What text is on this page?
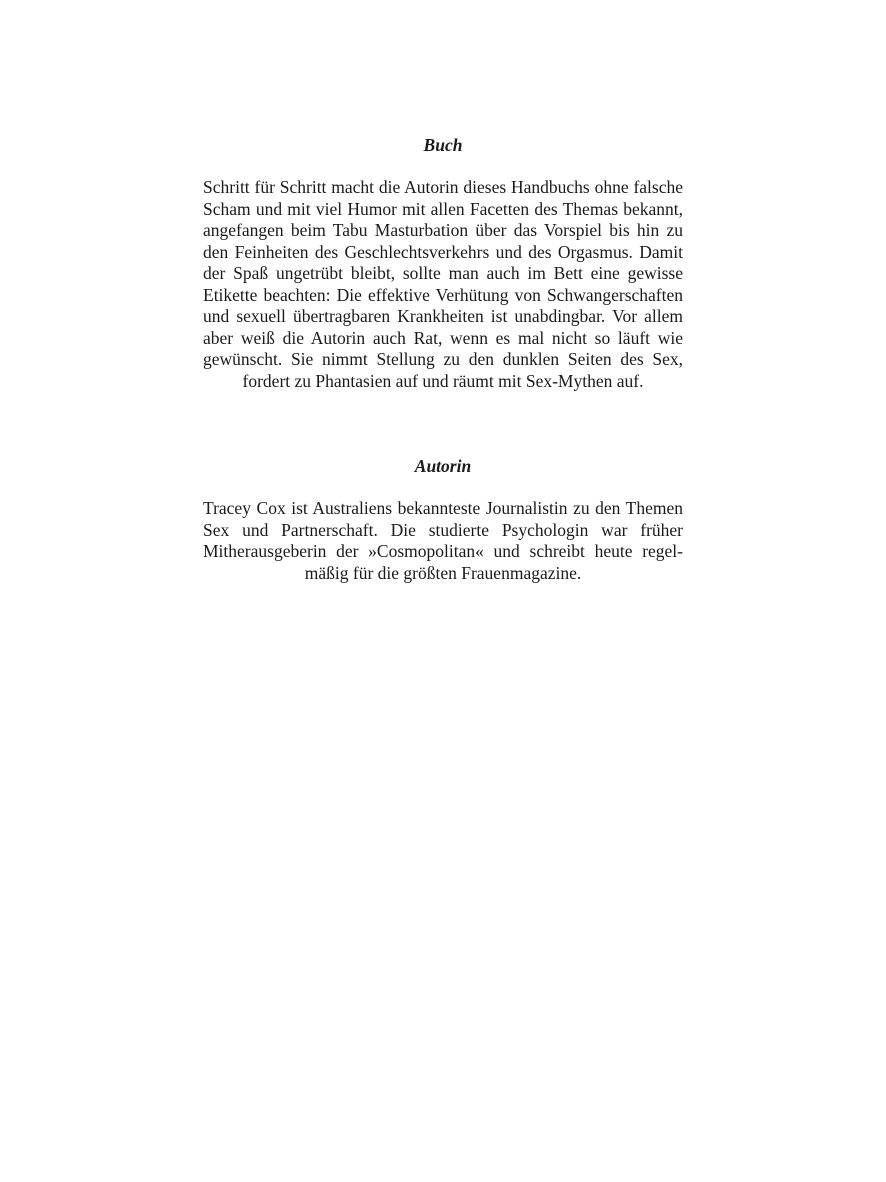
Buch

Schritt für Schritt macht die Autorin dieses Handbuchs ohne falsche Scham und mit viel Humor mit allen Facetten des Themas bekannt, angefangen beim Tabu Masturbation über das Vorspiel bis hin zu den Feinheiten des Geschlechtsverkehrs und des Orgasmus. Damit der Spaß ungetrübt bleibt, sollte man auch im Bett eine gewisse Etikette beachten: Die effektive Verhütung von Schwangerschaften und sexuell übertragbaren Krankheiten ist unabdingbar. Vor allem aber weiß die Autorin auch Rat, wenn es mal nicht so läuft wie gewünscht. Sie nimmt Stellung zu den dunklen Seiten des Sex, fordert zu Phantasien auf und räumt mit Sex-Mythen auf.

Autorin

Tracey Cox ist Australiens bekannteste Journalistin zu den Themen Sex und Partnerschaft. Die studierte Psychologin war früher Mitherausgeberin der »Cosmopolitan« und schreibt heute regelmäßig für die größten Frauenmagazine.
